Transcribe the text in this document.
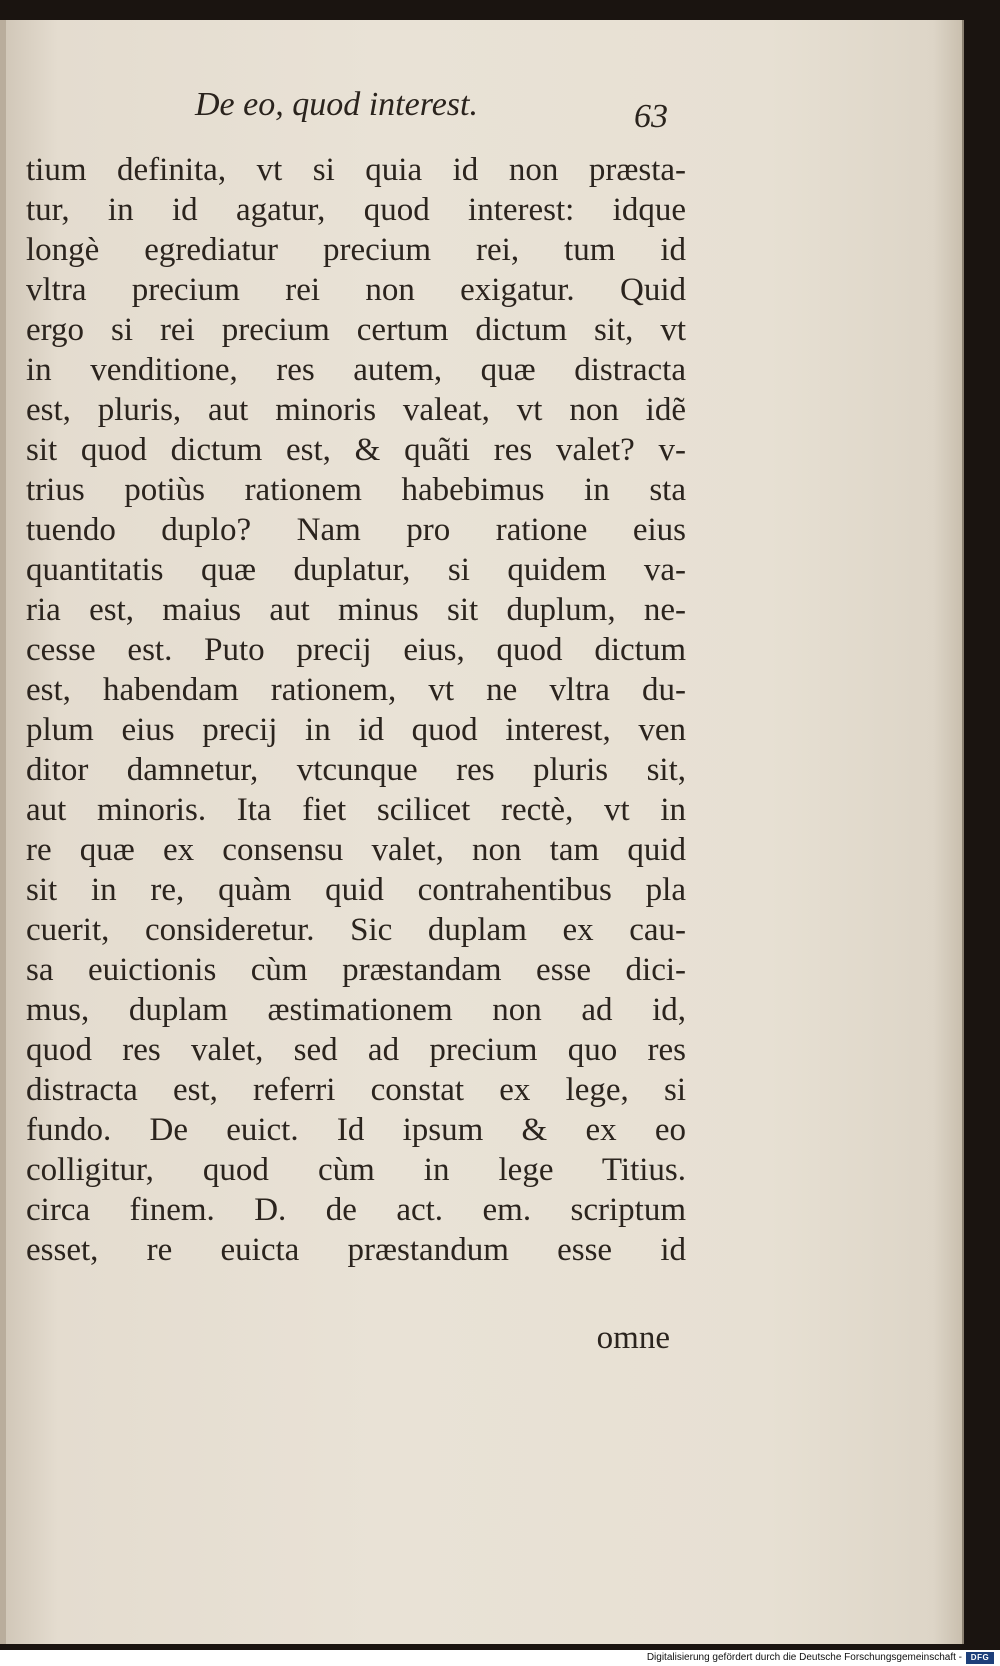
De eo, quod interest.	63
tium definita, vt si quia id non præsta-
tur, in id agatur, quod interest: idque
longè egrediatur precium rei, tum id
vltra precium rei non exigatur. Quid
ergo si rei precium certum dictum sit, vt
in venditione, res autem, quæ distracta
est, pluris, aut minoris valeat, vt non idẽ
sit quod dictum est, & quãti res valet? v-
trius potiùs rationem habebimus in sta
tuendo duplo? Nam pro ratione eius
quantitatis quæ duplatur, si quidem va-
ria est, maius aut minus sit duplum, ne-
cesse est. Puto precij eius, quod dictum
est, habendam rationem, vt ne vltra du-
plum eius precij in id quod interest, ven
ditor damnetur, vtcunque res pluris sit,
aut minoris. Ita fiet scilicet rectè, vt in
re quæ ex consensu valet, non tam quid
sit in re, quàm quid contrahentibus pla
cuerit, consideretur. Sic duplam ex cau-
sa euictionis cùm præstandam esse dici-
mus, duplam æstimationem non ad id,
quod res valet, sed ad precium quo res
distracta est, referri constat ex lege, si
fundo. De euict. Id ipsum & ex eo
colligitur, quod cùm in lege Titius.
circa finem. D. de act. em. scriptum
esset, re euicta præstandum esse id
omne
Digitalisierung gefördert durch die Deutsche Forschungsgemeinschaft -	DFG
